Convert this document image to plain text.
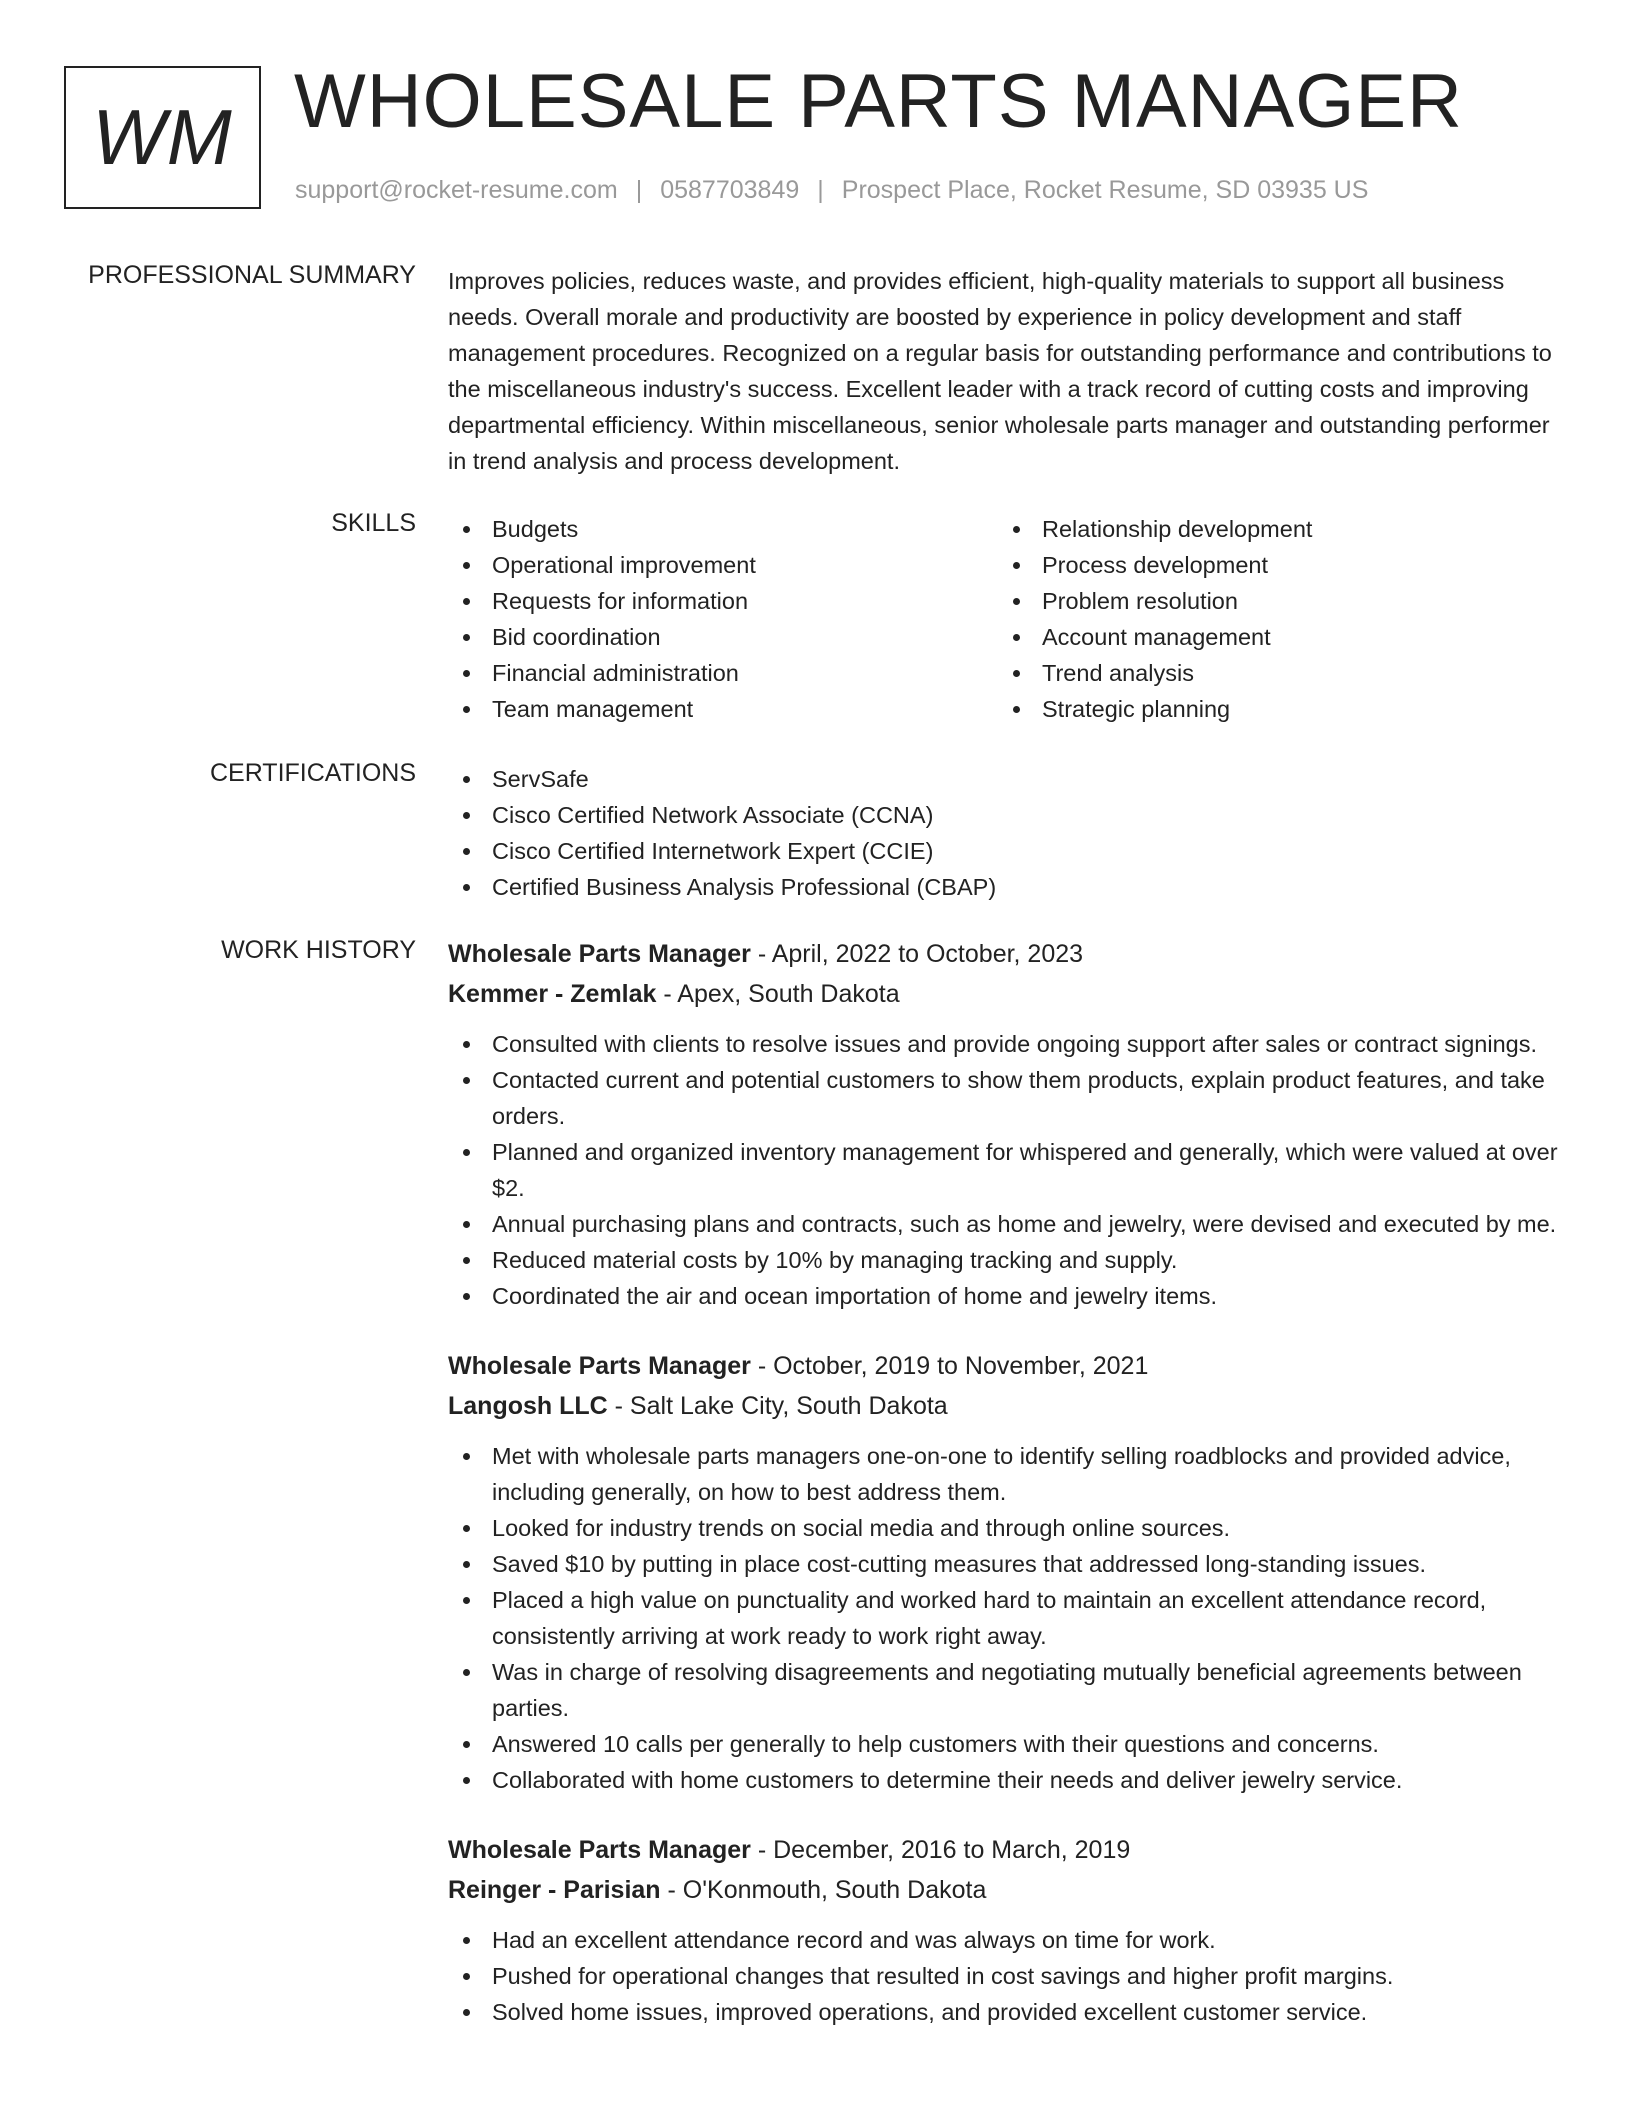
WM WHOLESALE PARTS MANAGER
support@rocket-resume.com | 0587703849 | Prospect Place, Rocket Resume, SD 03935 US
PROFESSIONAL SUMMARY Improves policies, reduces waste, and provides efficient, high-quality materials to support all business needs. Overall morale and productivity are boosted by experience in policy development and staff management procedures. Recognized on a regular basis for outstanding performance and contributions to the miscellaneous industry's success. Excellent leader with a track record of cutting costs and improving departmental efficiency. Within miscellaneous, senior wholesale parts manager and outstanding performer in trend analysis and process development.
SKILLS	Budgets
Operational improvement
Requests for information
Bid coordination
Financial administration
Team management
Relationship development
Process development
Problem resolution
Account management
Trend analysis
Strategic planning
CERTIFICATIONS	ServSafe
Cisco Certified Network Associate (CCNA)
Cisco Certified Internetwork Expert (CCIE)
Certified Business Analysis Professional (CBAP)
WORK HISTORY Wholesale Parts Manager - April, 2022 to October, 2023
Kemmer - Zemlak - Apex, South Dakota
Consulted with clients to resolve issues and provide ongoing support after sales or contract signings.
Contacted current and potential customers to show them products, explain product features, and take orders.
Planned and organized inventory management for whispered and generally, which were valued at over $2.
Annual purchasing plans and contracts, such as home and jewelry, were devised and executed by me.
Reduced material costs by 10% by managing tracking and supply.
Coordinated the air and ocean importation of home and jewelry items.
Wholesale Parts Manager - October, 2019 to November, 2021
Langosh LLC - Salt Lake City, South Dakota
Met with wholesale parts managers one-on-one to identify selling roadblocks and provided advice, including generally, on how to best address them.
Looked for industry trends on social media and through online sources.
Saved $10 by putting in place cost-cutting measures that addressed long-standing issues.
Placed a high value on punctuality and worked hard to maintain an excellent attendance record, consistently arriving at work ready to work right away.
Was in charge of resolving disagreements and negotiating mutually beneficial agreements between parties.
Answered 10 calls per generally to help customers with their questions and concerns.
Collaborated with home customers to determine their needs and deliver jewelry service.
Wholesale Parts Manager - December, 2016 to March, 2019
Reinger - Parisian - O'Konmouth, South Dakota
Had an excellent attendance record and was always on time for work.
Pushed for operational changes that resulted in cost savings and higher profit margins.
Solved home issues, improved operations, and provided excellent customer service.
